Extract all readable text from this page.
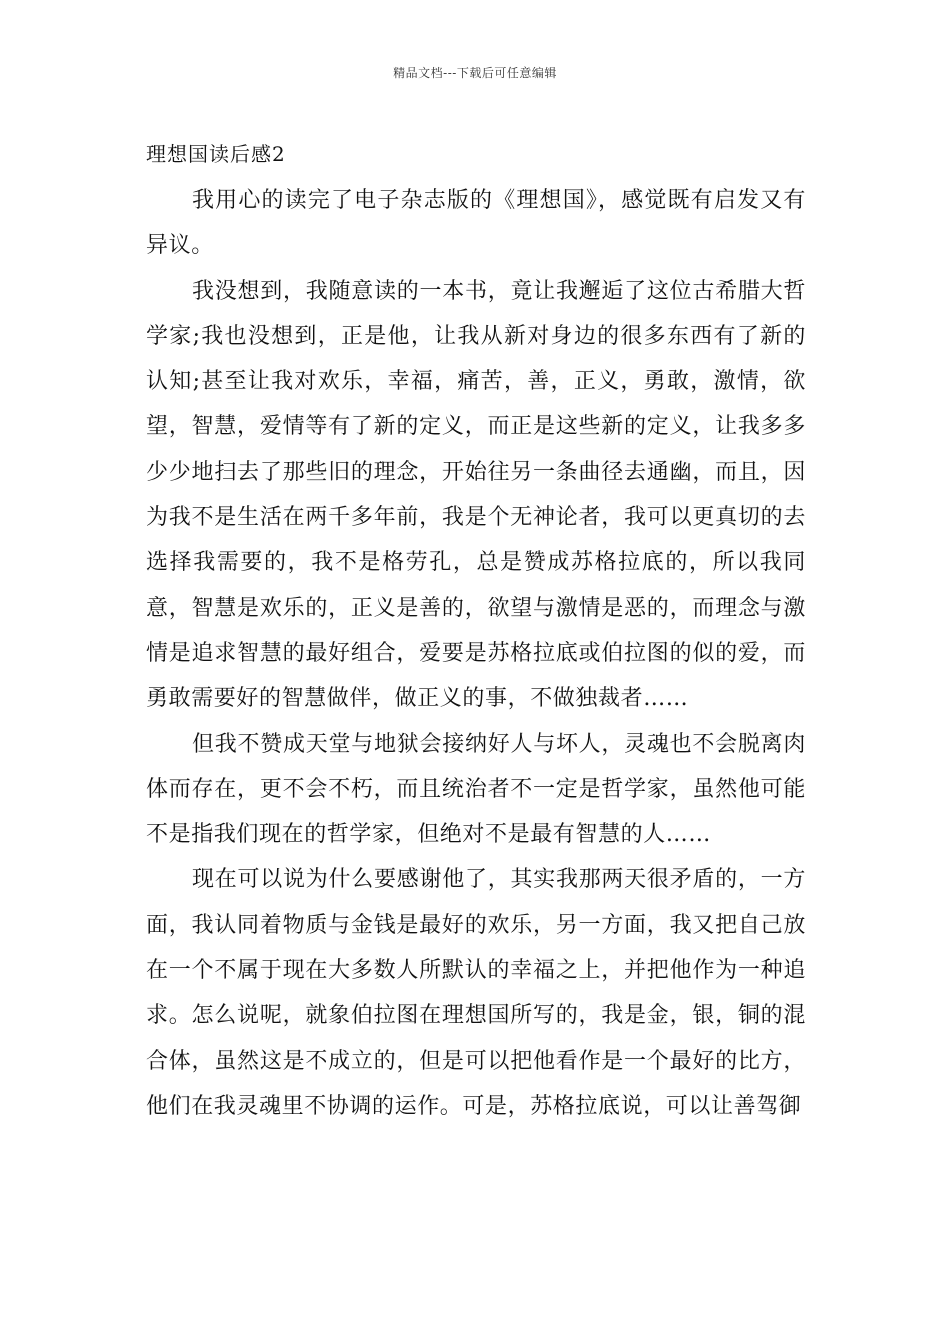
精品文档---下载后可任意编辑
理想国读后感2

我用心的读完了电子杂志版的《理想国》，感觉既有启发又有异议。

我没想到，我随意读的一本书，竟让我邂逅了这位古希腊大哲学家;我也没想到，正是他，让我从新对身边的很多东西有了新的认知;甚至让我对欢乐，幸福，痛苦，善，正义，勇敢，激情，欲望，智慧，爱情等有了新的定义，而正是这些新的定义，让我多多少少地扫去了那些旧的理念，开始往另一条曲径去通幽，而且，因为我不是生活在两千多年前，我是个无神论者，我可以更真切的去选择我需要的，我不是格劳孔，总是赞成苏格拉底的，所以我同意，智慧是欢乐的，正义是善的，欲望与激情是恶的，而理念与激情是追求智慧的最好组合，爱要是苏格拉底或伯拉图的似的爱，而勇敢需要好的智慧做伴，做正义的事，不做独裁者……

但我不赞成天堂与地狱会接纳好人与坏人，灵魂也不会脱离肉体而存在，更不会不朽，而且统治者不一定是哲学家，虽然他可能不是指我们现在的哲学家，但绝对不是最有智慧的人……

现在可以说为什么要感谢他了，其实我那两天很矛盾的，一方面，我认同着物质与金钱是最好的欢乐，另一方面，我又把自己放在一个不属于现在大多数人所默认的幸福之上，并把他作为一种追求。怎么说呢，就象伯拉图在理想国所写的，我是金，银，铜的混合体，虽然这是不成立的，但是可以把他看作是一个最好的比方，他们在我灵魂里不协调的运作。可是，苏格拉底说，可以让善驾御
